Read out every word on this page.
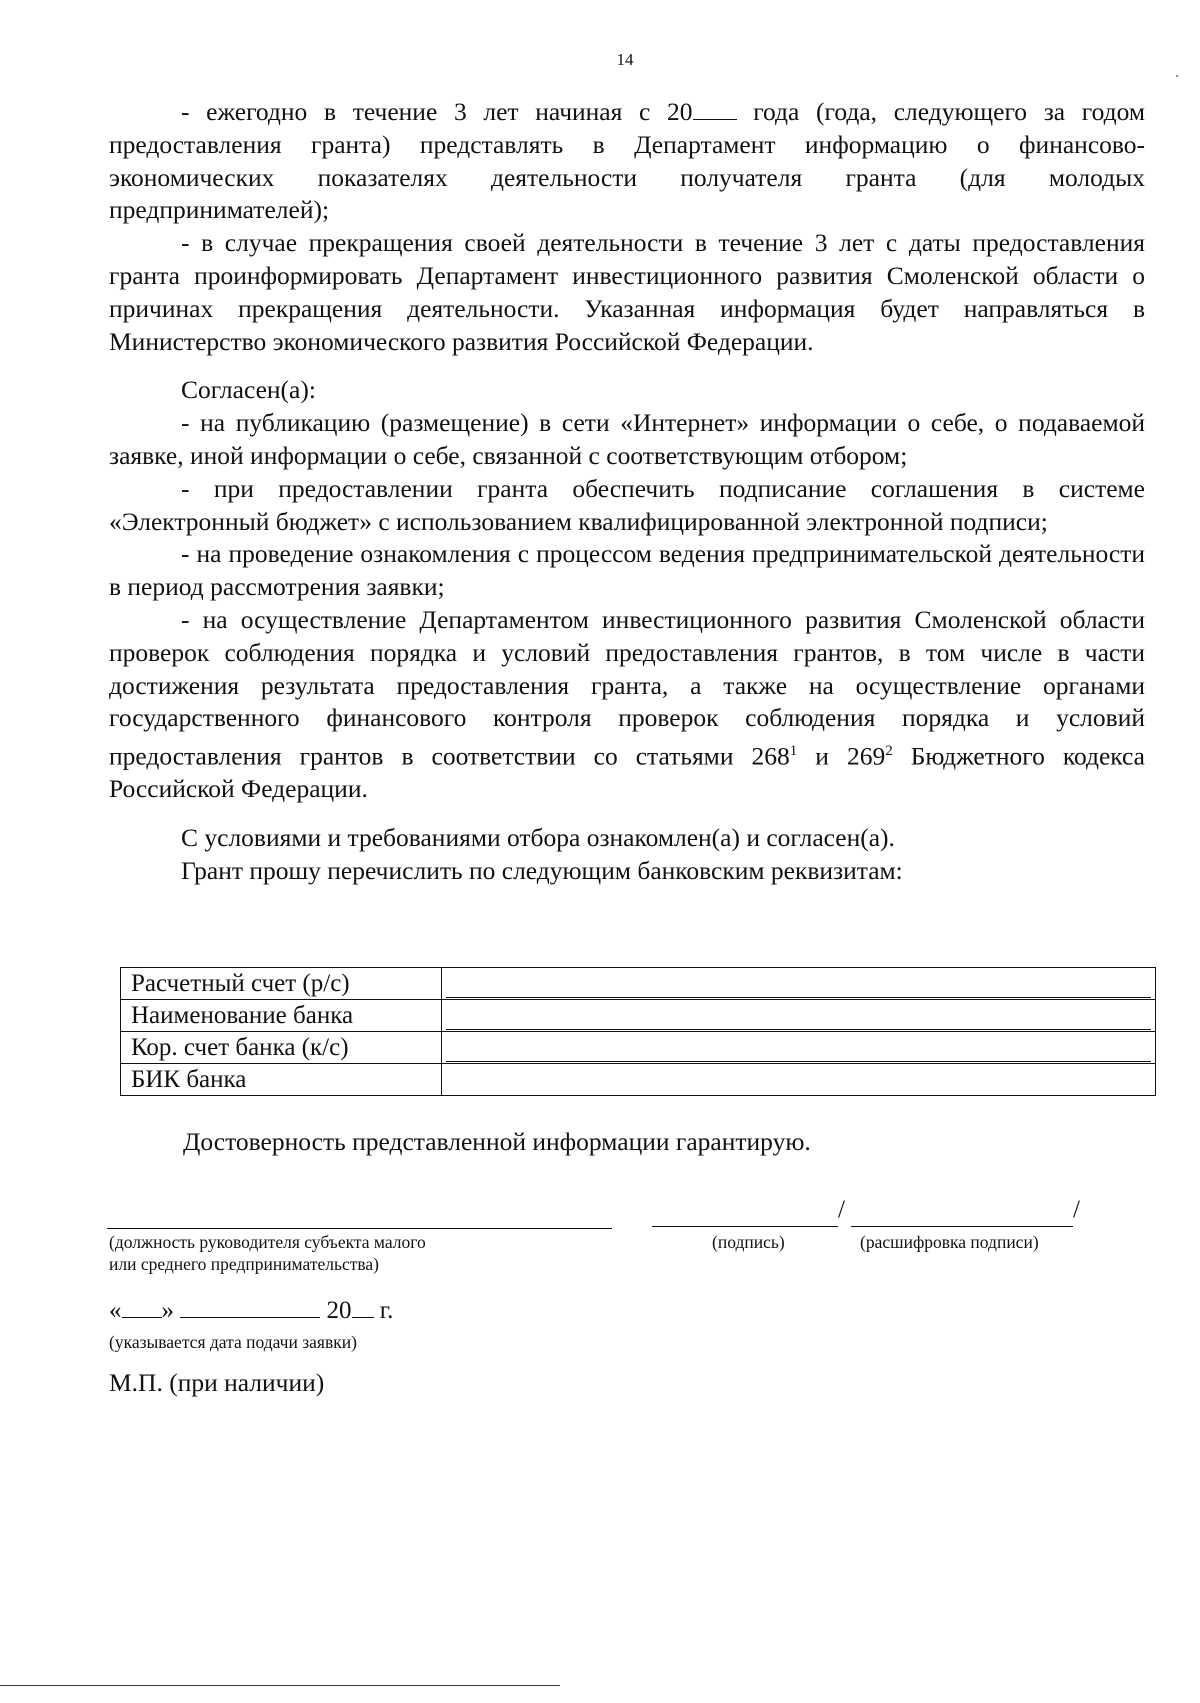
14

- ежегодно в течение 3 лет начиная с 20 года (года, следующего за годом предоставления гранта) представлять в Департамент информацию о финансово-экономических показателях деятельности получателя гранта (для молодых предпринимателей);

- в случае прекращения своей деятельности в течение 3 лет с даты предоставления гранта проинформировать Департамент инвестиционного развития Смоленской области о причинах прекращения деятельности. Указанная информация будет направляться в Министерство экономического развития Российской Федерации.

Согласен(а):

- на публикацию (размещение) в сети «Интернет» информации о себе, о подаваемой заявке, иной информации о себе, связанной с соответствующим отбором;

- при предоставлении гранта обеспечить подписание соглашения в системе «Электронный бюджет» с использованием квалифицированной электронной подписи;

- на проведение ознакомления с процессом ведения предпринимательской деятельности в период рассмотрения заявки;

- на осуществление Департаментом инвестиционного развития Смоленской области проверок соблюдения порядка и условий предоставления грантов, в том числе в части достижения результата предоставления гранта, а также на осуществление органами государственного финансового контроля проверок соблюдения порядка и условий предоставления грантов в соответствии со статьями $268^1$ и $269^2$ Бюджетного кодекса Российской Федерации.

С условиями и требованиями отбора ознакомлен(а) и согласен(а).

Грант прошу перечислить по следующим банковским реквизитам:

Расчетный счет (р/с)	

Наименование банка	

Кор. счет банка (к/с)	

БИК банка	
Достоверность представленной информации гарантирую.
(должность руководителя субъекта малого
или среднего предпринимательства)
/	/
(подпись)	(расшифровка подписи)
« »	20 г.
(указывается дата подачи заявки)
М.П. (при наличии)
